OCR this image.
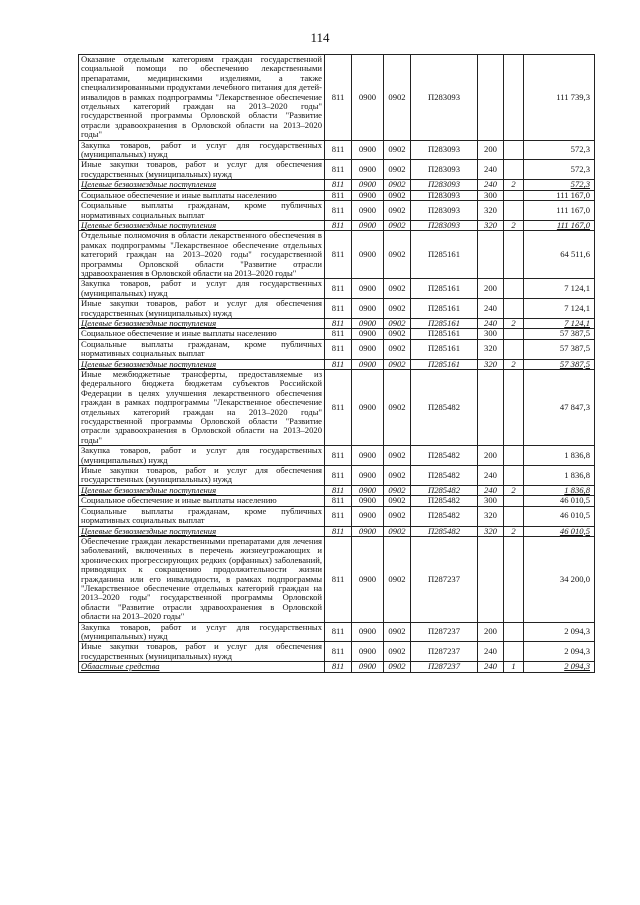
114
Оказание отдельным категориям граждан государственной социальной помощи по обеспечению лекарственными препаратами, медицинскими изделиями, а также специализированными продуктами лечебного питания для детей-инвалидов в рамках подпрограммы "Лекарственное обеспечение отдельных категорий граждан на 2013–2020 годы" государственной программы Орловской области "Развитие отрасли здравоохранения в Орловской области на 2013–2020 годы"	811	0900	0902	П283093			111 739,3
Закупка товаров, работ и услуг для государственных (муниципальных) нужд	811	0900	0902	П283093	200		572,3
Иные закупки товаров, работ и услуг для обеспечения государственных (муниципальных) нужд	811	0900	0902	П283093	240		572,3
Целевые безвозмездные поступления	811	0900	0902	П283093	240	2	572,3
Социальное обеспечение и иные выплаты населению	811	0900	0902	П283093	300		111 167,0
Социальные выплаты гражданам, кроме публичных нормативных социальных выплат	811	0900	0902	П283093	320		111 167,0
Целевые безвозмездные поступления	811	0900	0902	П283093	320	2	111 167,0
Отдельные полномочия в области лекарственного обеспечения в рамках подпрограммы "Лекарственное обеспечение отдельных категорий граждан на 2013–2020 годы" государственной программы Орловской области "Развитие отрасли здравоохранения в Орловской области на 2013–2020 годы"	811	0900	0902	П285161			64 511,6
Закупка товаров, работ и услуг для государственных (муниципальных) нужд	811	0900	0902	П285161	200		7 124,1
Иные закупки товаров, работ и услуг для обеспечения государственных (муниципальных) нужд	811	0900	0902	П285161	240		7 124,1
Целевые безвозмездные поступления	811	0900	0902	П285161	240	2	7 124,1
Социальное обеспечение и иные выплаты населению	811	0900	0902	П285161	300		57 387,5
Социальные выплаты гражданам, кроме публичных нормативных социальных выплат	811	0900	0902	П285161	320		57 387,5
Целевые безвозмездные поступления	811	0900	0902	П285161	320	2	57 387,5
Иные межбюджетные трансферты, предоставляемые из федерального бюджета бюджетам субъектов Российской Федерации в целях улучшения лекарственного обеспечения граждан в рамках подпрограммы "Лекарственное обеспечение отдельных категорий граждан на 2013–2020 годы" государственной программы Орловской области "Развитие отрасли здравоохранения в Орловской области на 2013–2020 годы"	811	0900	0902	П285482			47 847,3
Закупка товаров, работ и услуг для государственных (муниципальных) нужд	811	0900	0902	П285482	200		1 836,8
Иные закупки товаров, работ и услуг для обеспечения государственных (муниципальных) нужд	811	0900	0902	П285482	240		1 836,8
Целевые безвозмездные поступления	811	0900	0902	П285482	240	2	1 836,8
Социальное обеспечение и иные выплаты населению	811	0900	0902	П285482	300		46 010,5
Социальные выплаты гражданам, кроме публичных нормативных социальных выплат	811	0900	0902	П285482	320		46 010,5
Целевые безвозмездные поступления	811	0900	0902	П285482	320	2	46 010,5
Обеспечение граждан лекарственными препаратами для лечения заболеваний, включенных в перечень жизнеугрожающих и хронических прогрессирующих редких (орфанных) заболеваний, приводящих к сокращению продолжительности жизни гражданина или его инвалидности, в рамках подпрограммы "Лекарственное обеспечение отдельных категорий граждан на 2013–2020 годы" государственной программы Орловской области "Развитие отрасли здравоохранения в Орловской области на 2013–2020 годы"	811	0900	0902	П287237			34 200,0
Закупка товаров, работ и услуг для государственных (муниципальных) нужд	811	0900	0902	П287237	200		2 094,3
Иные закупки товаров, работ и услуг для обеспечения государственных (муниципальных) нужд	811	0900	0902	П287237	240		2 094,3
Областные средства	811	0900	0902	П287237	240	1	2 094,3
